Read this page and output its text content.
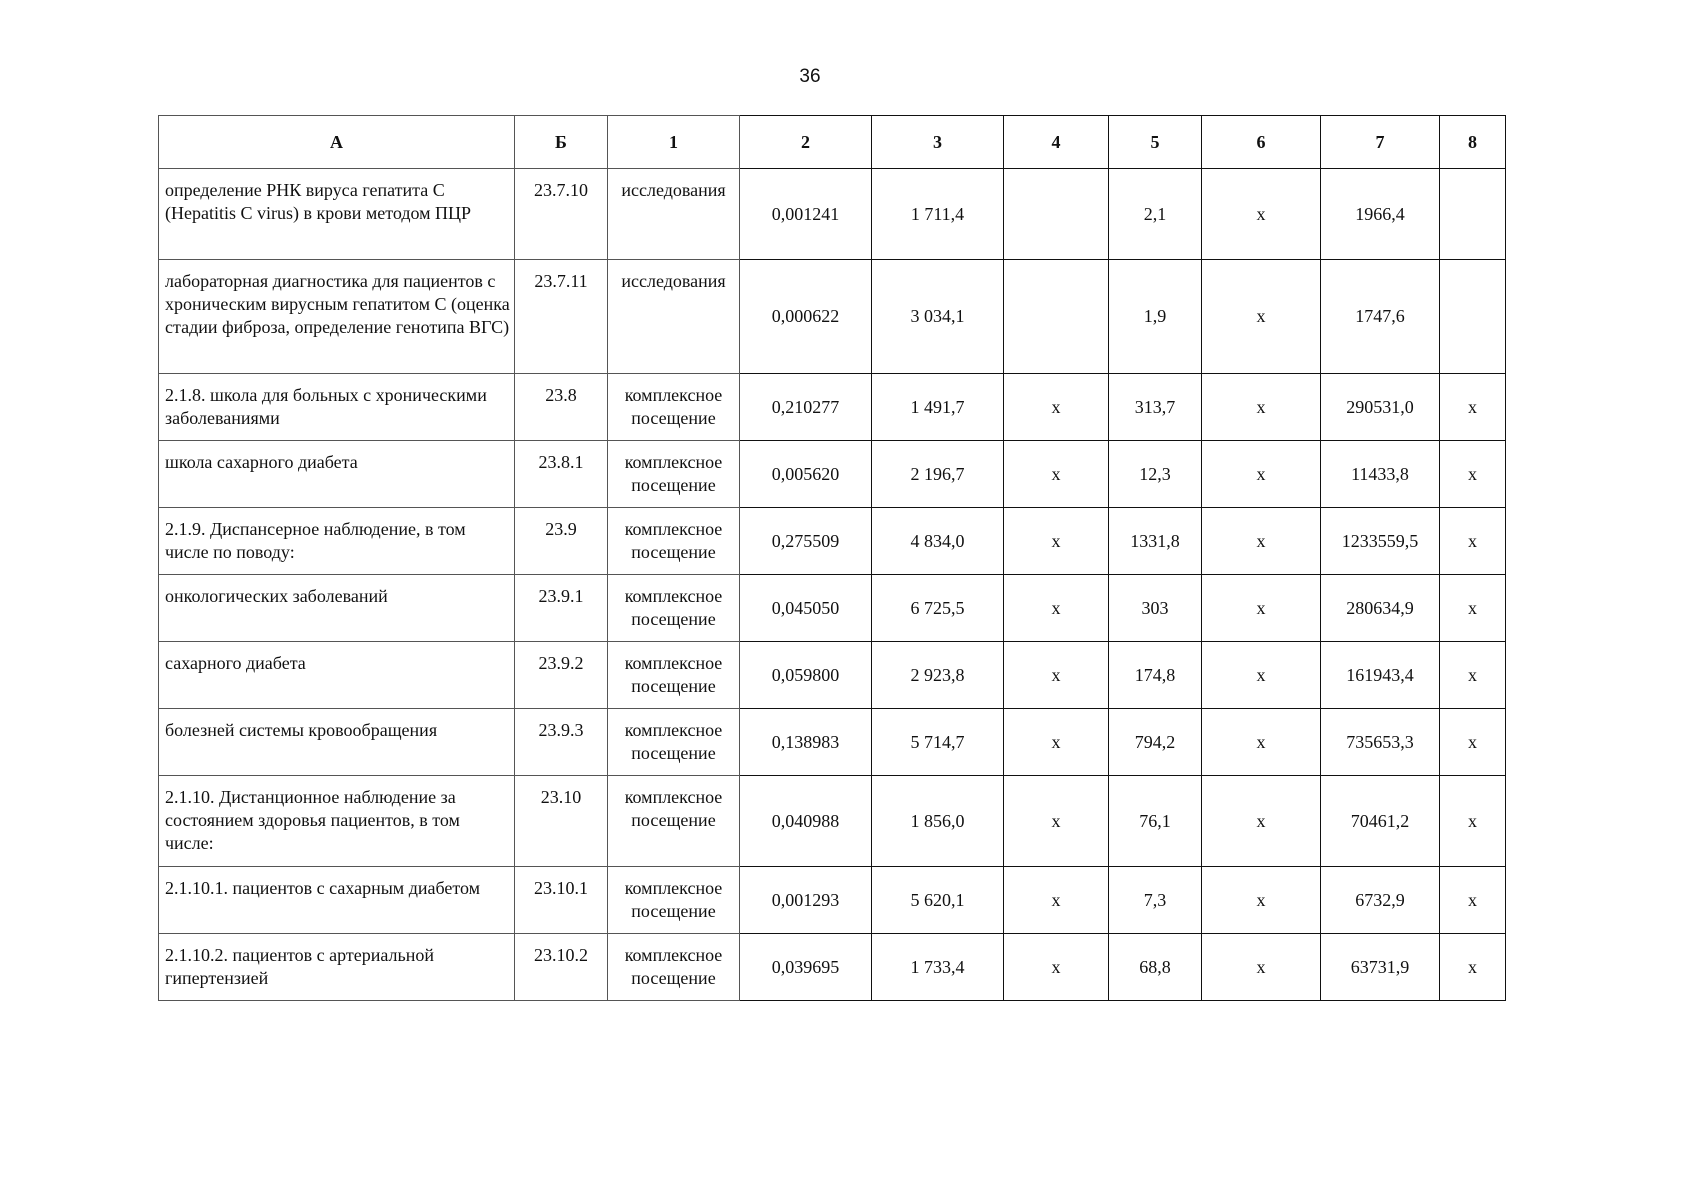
36
А	Б	1	2	3	4	5	6	7	8
определение РНК вируса гепатита C (Hepatitis C virus) в крови методом ПЦР	23.7.10	исследования	0,001241	1 711,4		2,1	х	1966,4	
лабораторная диагностика для пациентов с хроническим вирусным гепатитом С (оценка стадии фиброза, определение генотипа ВГС)	23.7.11	исследования	0,000622	3 034,1		1,9	х	1747,6	
2.1.8. школа для больных с хроническими заболеваниями	23.8	комплексное посещение	0,210277	1 491,7	х	313,7	х	290531,0	х
школа сахарного диабета	23.8.1	комплексное посещение	0,005620	2 196,7	х	12,3	х	11433,8	х
2.1.9. Диспансерное наблюдение, в том числе по поводу:	23.9	комплексное посещение	0,275509	4 834,0	х	1331,8	х	1233559,5	х
онкологических заболеваний	23.9.1	комплексное посещение	0,045050	6 725,5	х	303	х	280634,9	х
сахарного диабета	23.9.2	комплексное посещение	0,059800	2 923,8	х	174,8	х	161943,4	х
болезней системы кровообращения	23.9.3	комплексное посещение	0,138983	5 714,7	х	794,2	х	735653,3	х
2.1.10. Дистанционное наблюдение за состоянием здоровья пациентов, в том числе:	23.10	комплексное посещение	0,040988	1 856,0	х	76,1	х	70461,2	х
2.1.10.1. пациентов с сахарным диабетом	23.10.1	комплексное посещение	0,001293	5 620,1	х	7,3	х	6732,9	х
2.1.10.2. пациентов с артериальной гипертензией	23.10.2	комплексное посещение	0,039695	1 733,4	х	68,8	х	63731,9	х
